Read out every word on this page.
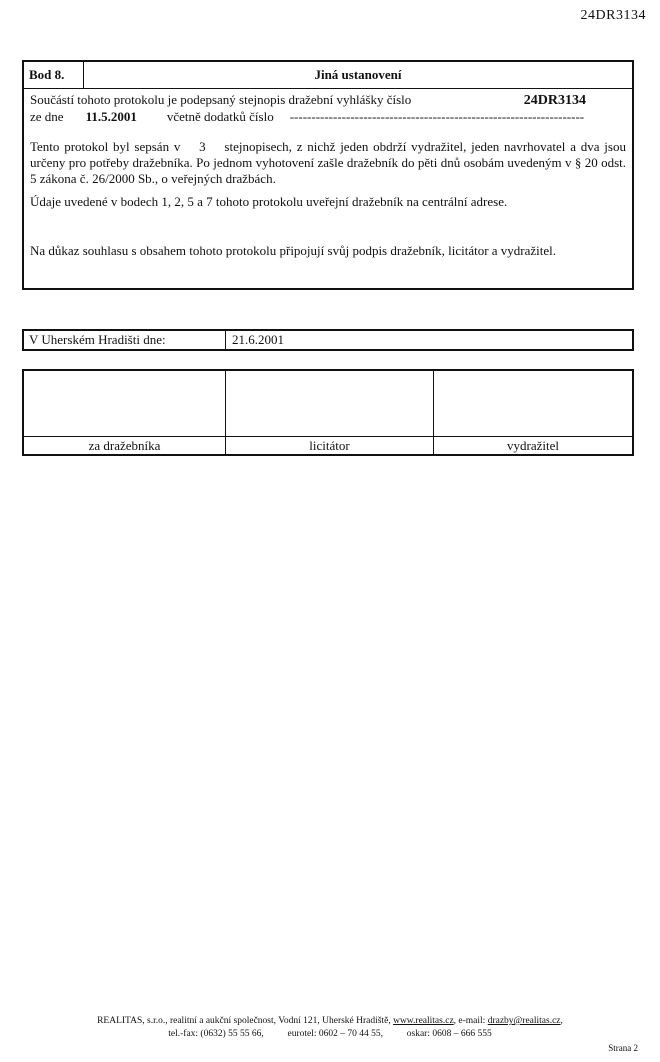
24DR3134
Bod 8.	Jiná ustanovení
Součástí tohoto protokolu je podepsaný stejnopis dražební vyhlášky číslo	24DR3134
ze dne 11.5.2001 včetně dodatků číslo --------------------------------------------------------------------

Tento protokol byl sepsán v 3 stejnopisech, z nichž jeden obdrží vydražitel, jeden navrhovatel a dva jsou určeny pro potřeby dražebníka. Po jednom vyhotovení zašle dražebník do pěti dnů osobám uvedeným v § 20 odst. 5 zákona č. 26/2000 Sb., o veřejných dražbách.

Údaje uvedené v bodech 1, 2, 5 a 7 tohoto protokolu uveřejní dražebník na centrální adrese.
Na důkaz souhlasu s obsahem tohoto protokolu připojují svůj podpis dražebník, licitátor a vydražitel.
V Uherském Hradišti dne:	21.6.2001
za dražebníka	licitátor	vydražitel
REALITAS, s.r.o., realitní a aukční společnost, Vodní 121, Uherské Hradiště, www.realitas.cz, e-mail: drazby@realitas.cz,
tel.-fax: (0632) 55 55 66,          eurotel: 0602 – 70 44 55,          oskar: 0608 – 666 555
Strana 2
